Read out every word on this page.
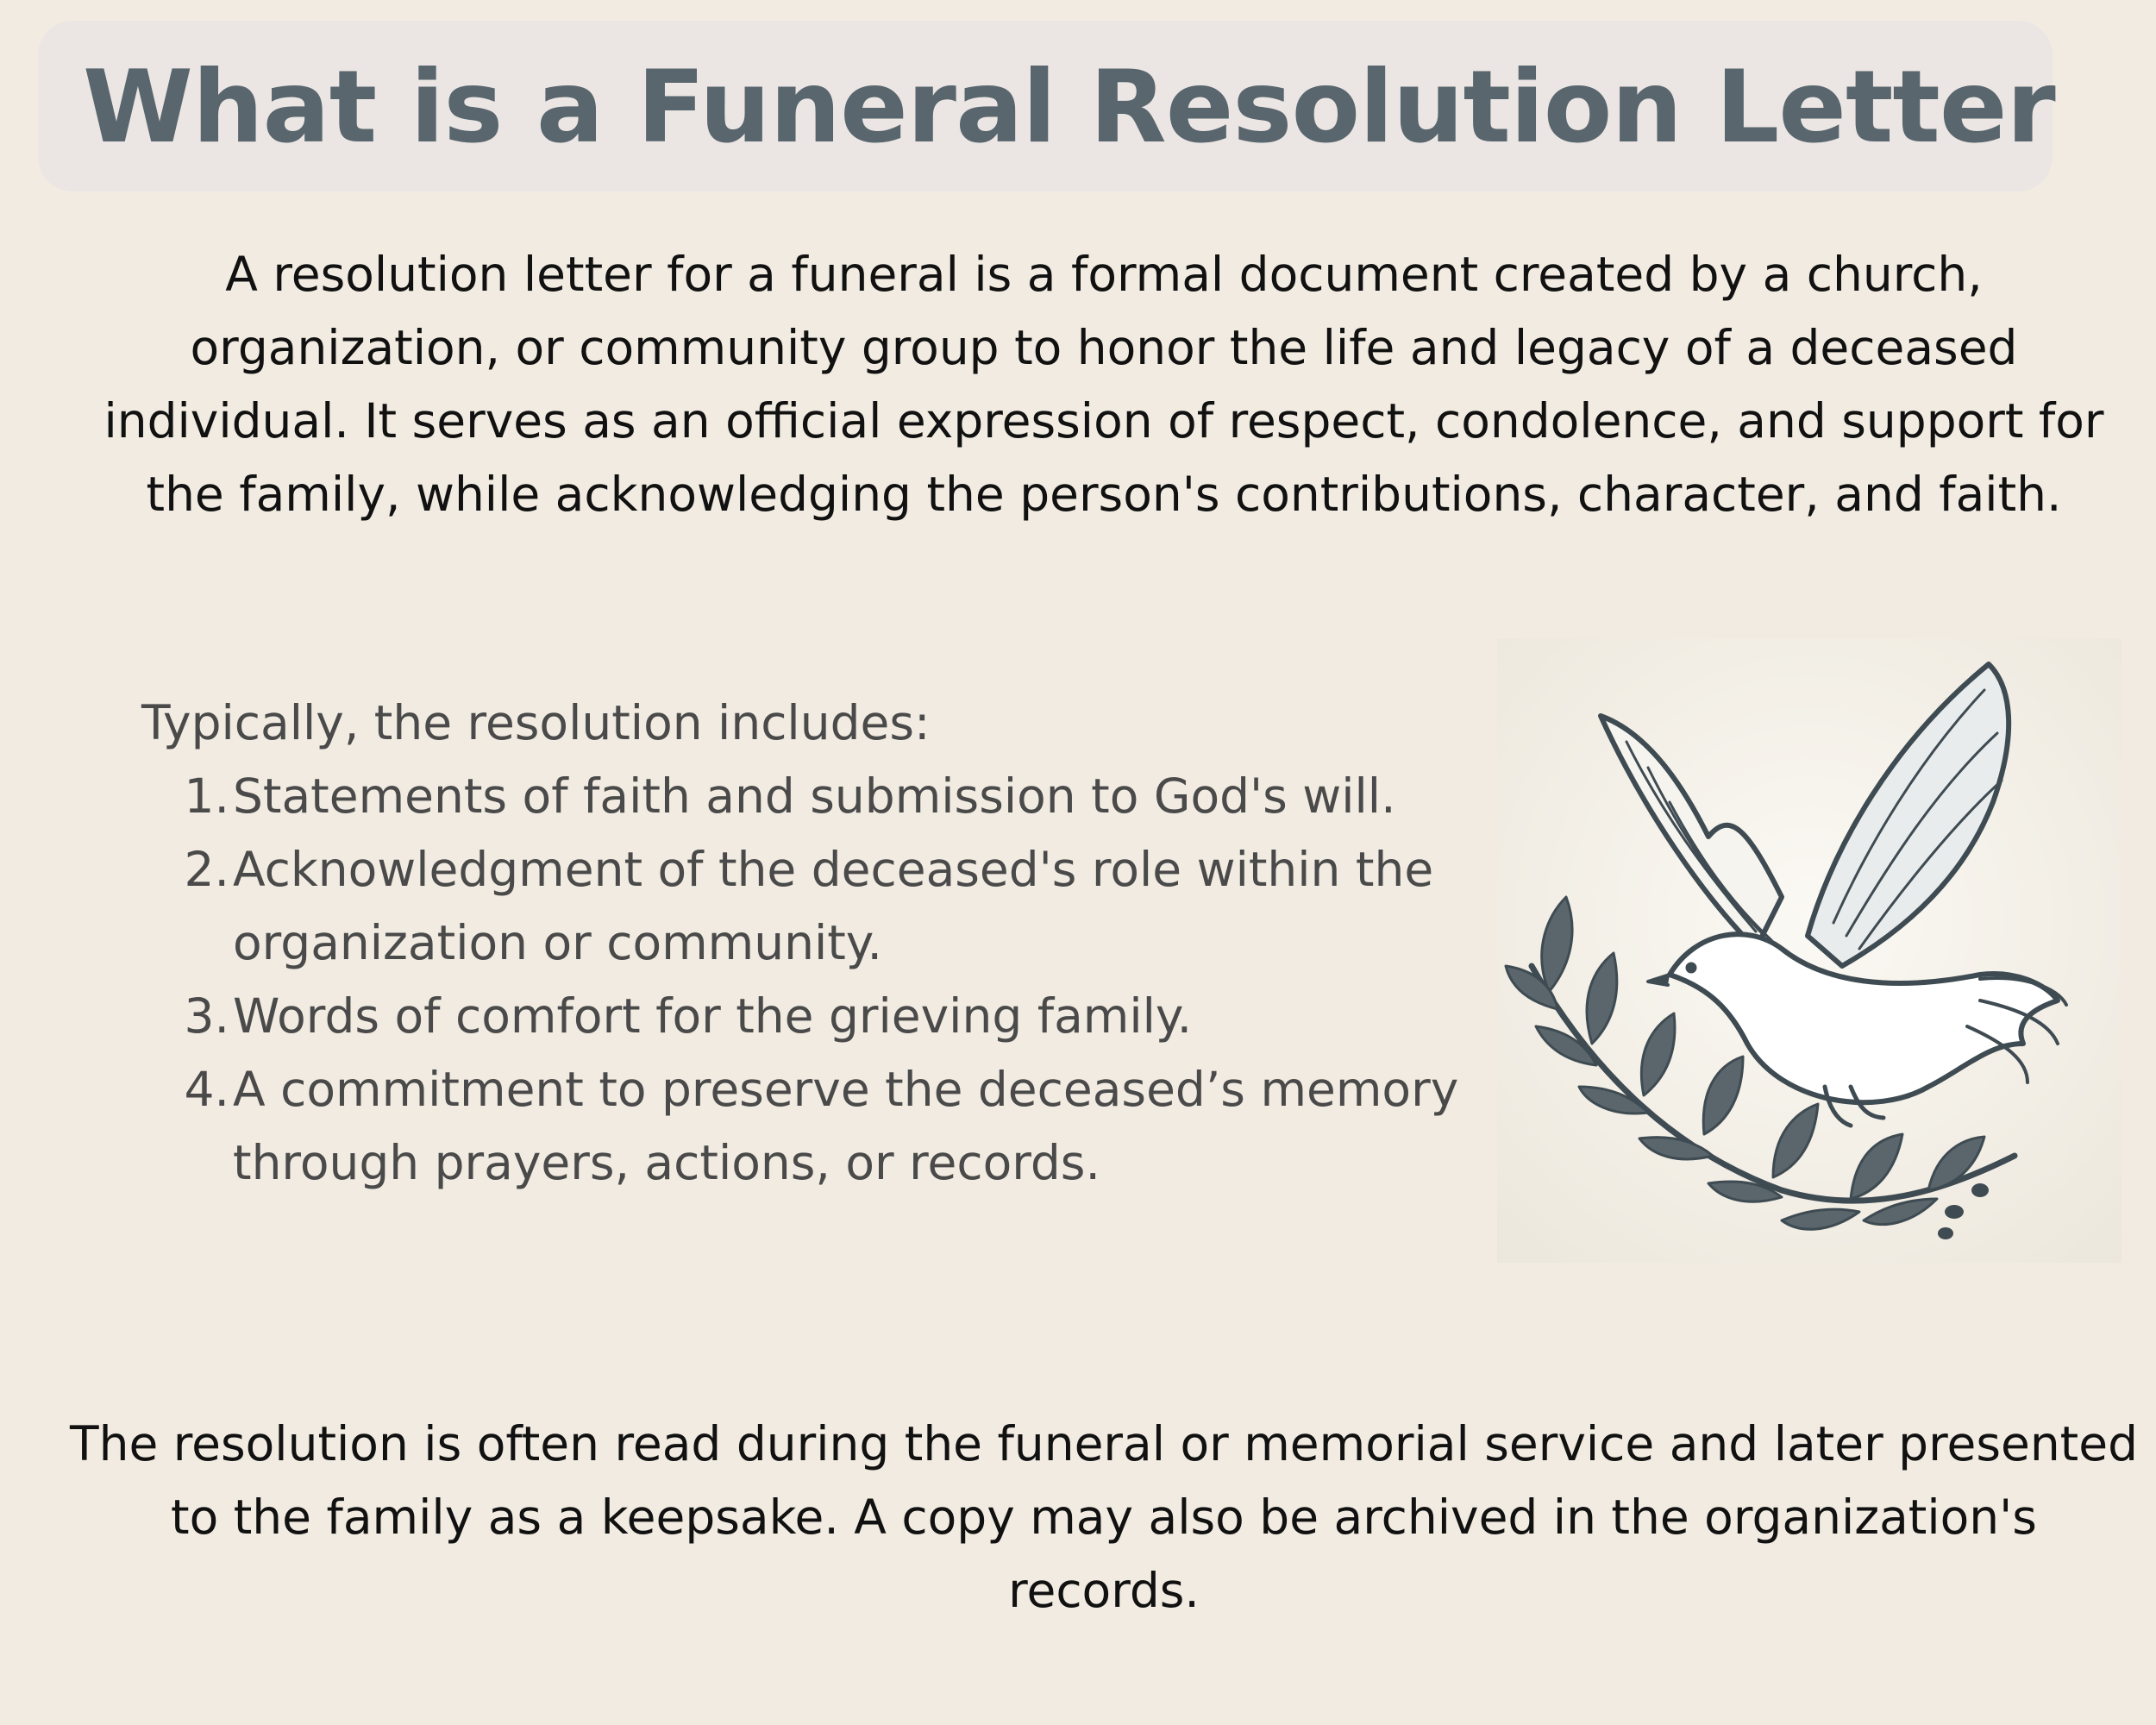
What is a Funeral Resolution Letter

A resolution letter for a funeral is a formal document created by a church, organization, or community group to honor the life and legacy of a deceased individual. It serves as an official expression of respect, condolence, and support for the family, while acknowledging the person's contributions, character, and faith.

Typically, the resolution includes:

1. Statements of faith and submission to God's will.
2. Acknowledgment of the deceased's role within the organization or community.
3. Words of comfort for the grieving family.
4. A commitment to preserve the deceased’s memory through prayers, actions, or records.

The resolution is often read during the funeral or memorial service and later presented to the family as a keepsake. A copy may also be archived in the organization's records.
